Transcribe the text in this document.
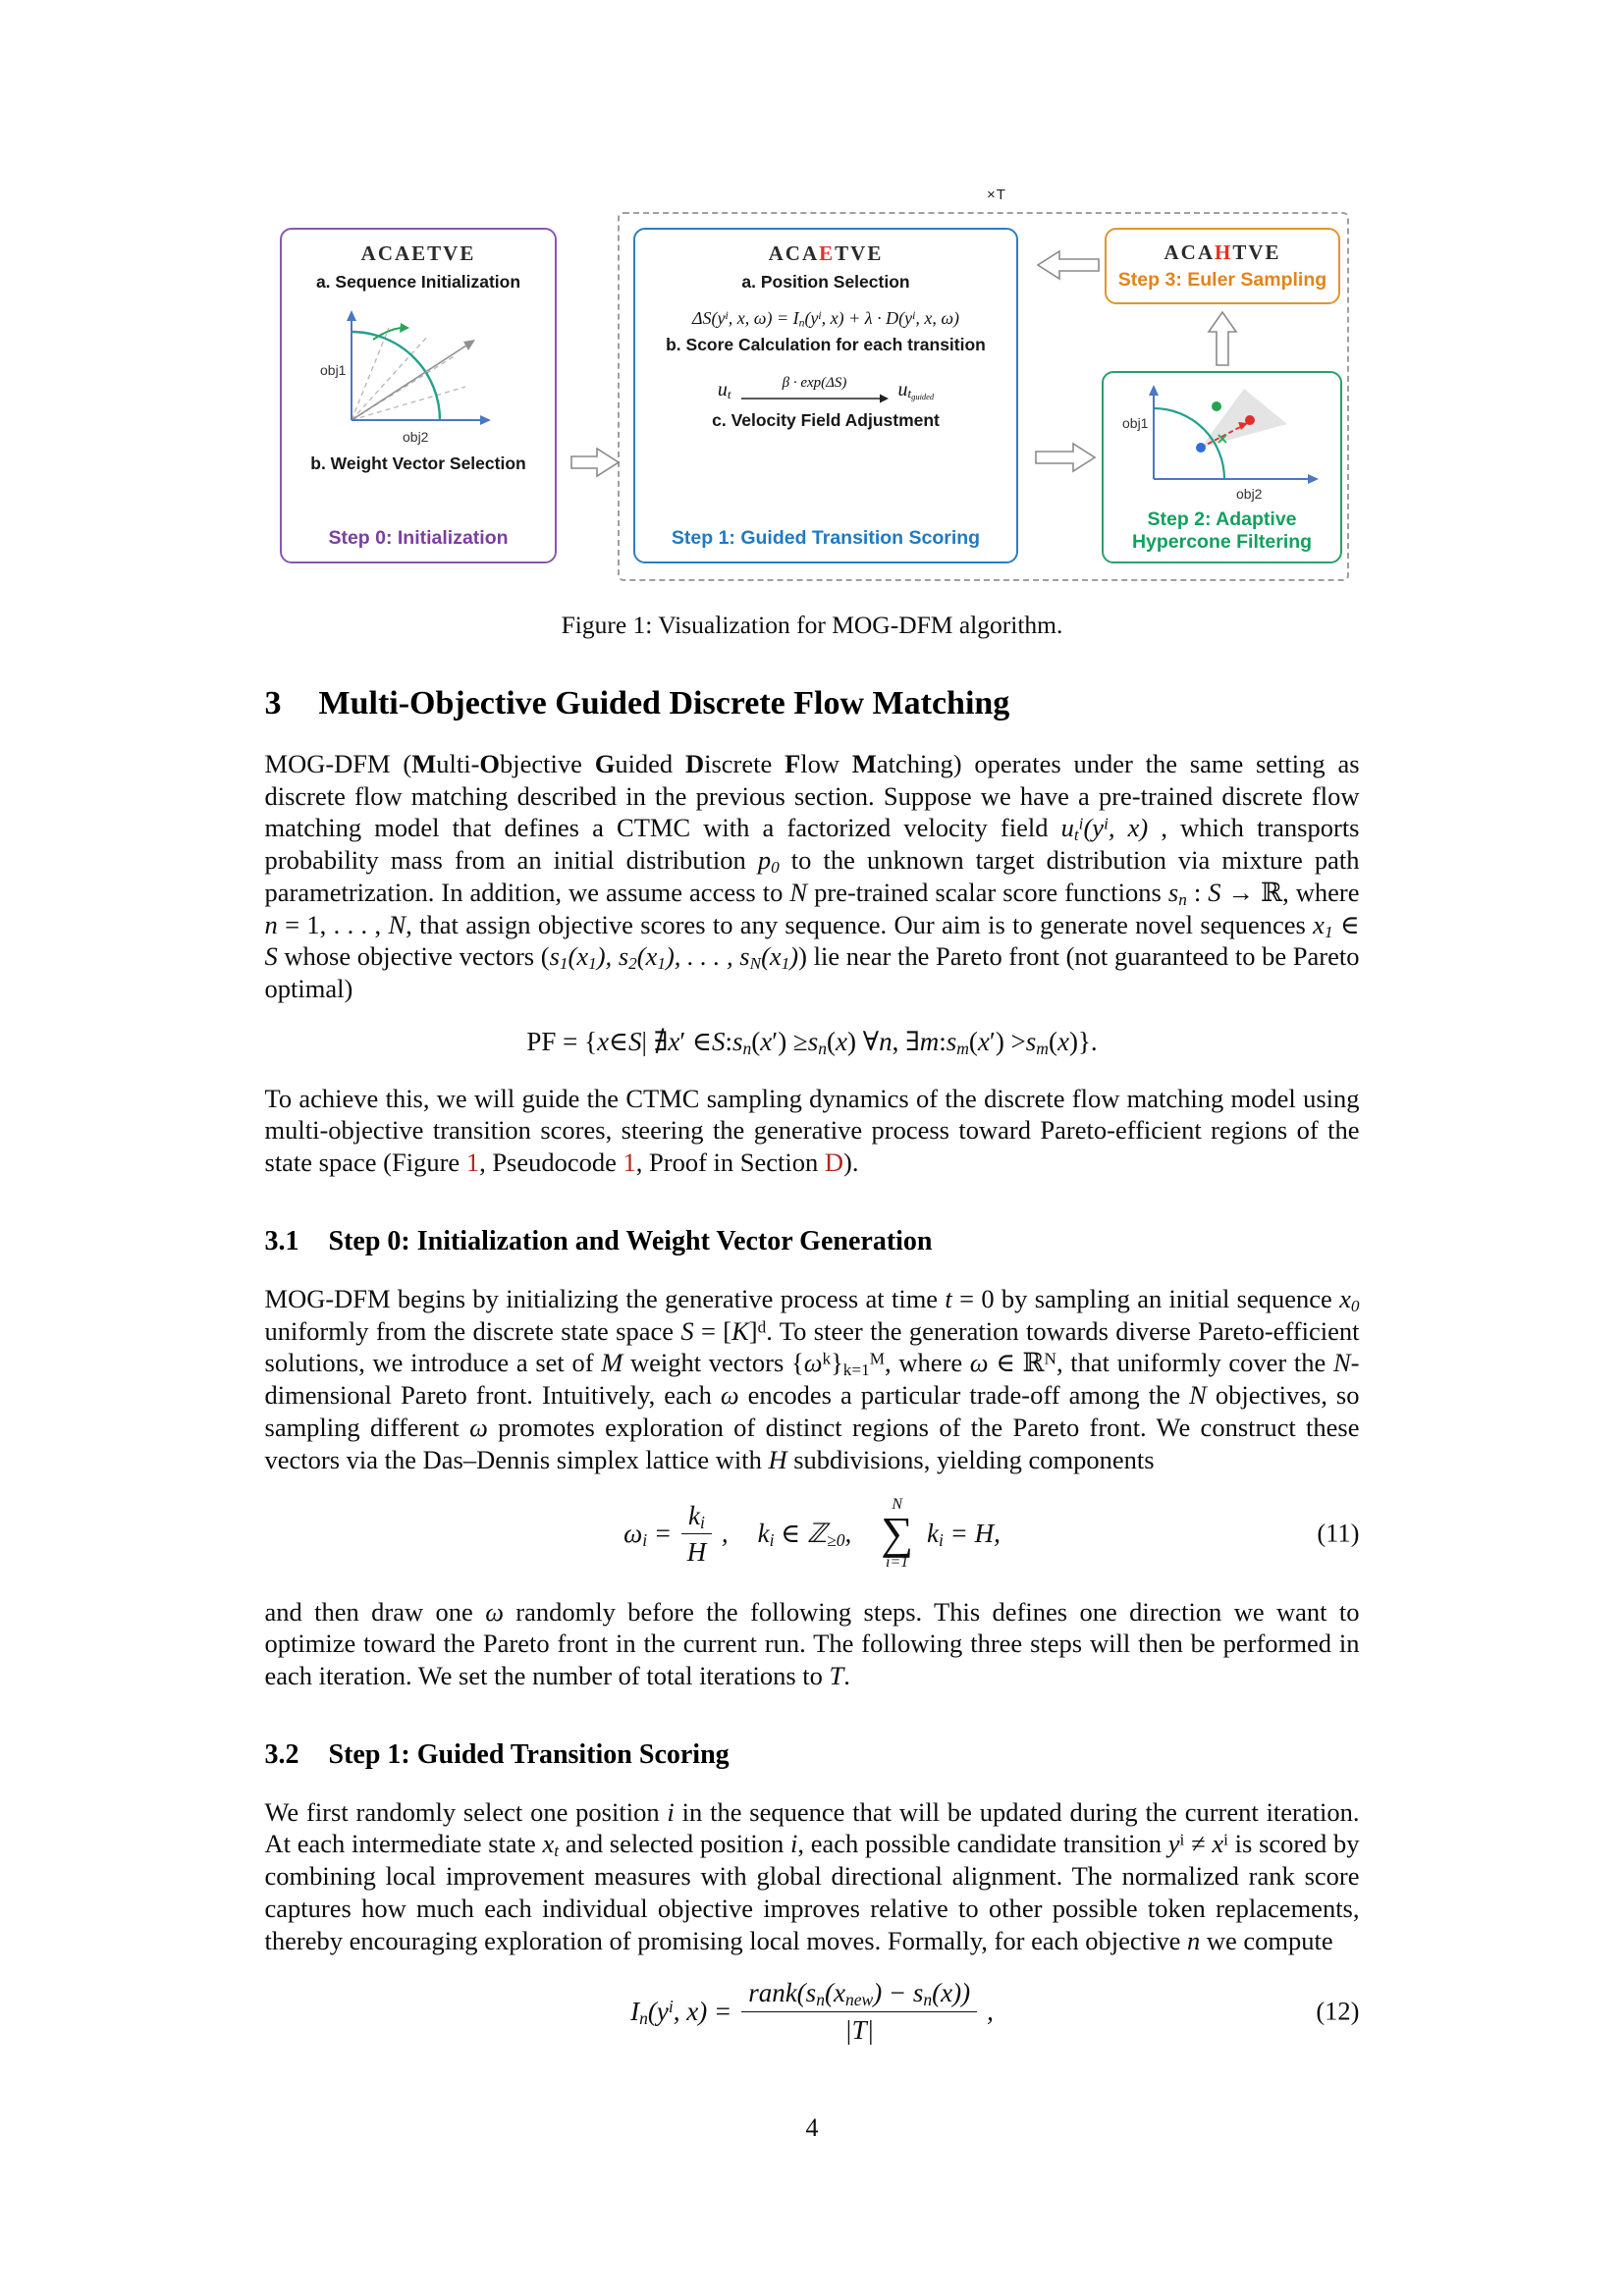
×T
ACAETVE
a. Sequence Initialization
obj1
obj2
b. Weight Vector Selection
Step 0: Initialization
ACAETVE
a. Position Selection
$\Delta S(y^i$, x, $\omega) = I_n(y^i$, $x) + \lambda \cdot D(y^i$, x, ω)
b. Score Calculation for each transition
$u_t$
β · exp(ΔS)	$u_{t_{guided}}$
c. Velocity Field Adjustment
Step 1: Guided Transition Scoring
ACAHTVE
Step 3: Euler Sampling
obj1
obj2
Step 2: Adaptive
Hypercone Filtering
Figure 1: Visualization for MOG-DFM algorithm.
3 Multi-Objective Guided Discrete Flow Matching

MOG-DFM (Multi-Objective Guided Discrete Flow Matching) operates under the same setting as discrete flow matching described in the previous section. Suppose we have a pre-trained discrete flow matching model that defines a CTMC with a factorized velocity field $u_t^i(y^i$, x) , which transports probability mass from an initial distribution $p_0$ to the unknown target distribution via mixture path parametrization. In addition, we assume access to N pre-trained scalar score functions $s_n$ : S → ℝ, where n = 1, . . . , N, that assign objective scores to any sequence. Our aim is to generate novel sequences $x_1$ ∈ S whose objective vectors ($s_1(x_1)$, $s_2(x_1)$, . . . , $s_N(x_1)$) lie near the Pareto front (not guaranteed to be Pareto optimal)

PF = { x ∈ S | ∄ x ′ ∈ S : $s_n$ ( x ′) ≥ $s_n$ ( x ) ∀ n , ∃ m : $s_m$ ( x ′) > $s_m$ ( x )}.

To achieve this, we will guide the CTMC sampling dynamics of the discrete flow matching model using multi-objective transition scores, steering the generative process toward Pareto-efficient regions of the state space (Figure 1, Pseudocode 1, Proof in Section D).

3.1 Step 0: Initialization and Weight Vector Generation

MOG-DFM begins by initializing the generative process at time t = 0 by sampling an initial sequence $x_0$ uniformly from the discrete state space $S = [K]^d$. To steer the generation towards diverse Pareto-efficient solutions, we introduce a set of M weight vectors $\{\omega^k\}_{k=1}^M$, where ω ∈ ℝ$^N$, that uniformly cover the N-dimensional Pareto front. Intuitively, each ω encodes a particular trade-off among the N objectives, so sampling different ω promotes exploration of distinct regions of the Pareto front. We construct these vectors via the Das–Dennis simplex lattice with H subdivisions, yielding components

$\omega_i = \frac{k_i}{H}$ , $k_i$ ∈ ℤ$_{\ge 0}$,
N
∑
i=1
$k_i = H$,	(11)

and then draw one ω randomly before the following steps. This defines one direction we want to optimize toward the Pareto front in the current run. The following three steps will then be performed in each iteration. We set the number of total iterations to T.

3.2 Step 1: Guided Transition Scoring

We first randomly select one position i in the sequence that will be updated during the current iteration. At each intermediate state $x_t$ and selected position i, each possible candidate transition $y^i \ne x^i$ is scored by combining local improvement measures with global directional alignment. The normalized rank score captures how much each individual objective improves relative to other possible token replacements, thereby encouraging exploration of promising local moves. Formally, for each objective n we compute

$I_n(y^i$, $x) = \frac{rank(s_n(x_{new}) - s_n(x))}{|T|}$ ,	(12)
4
